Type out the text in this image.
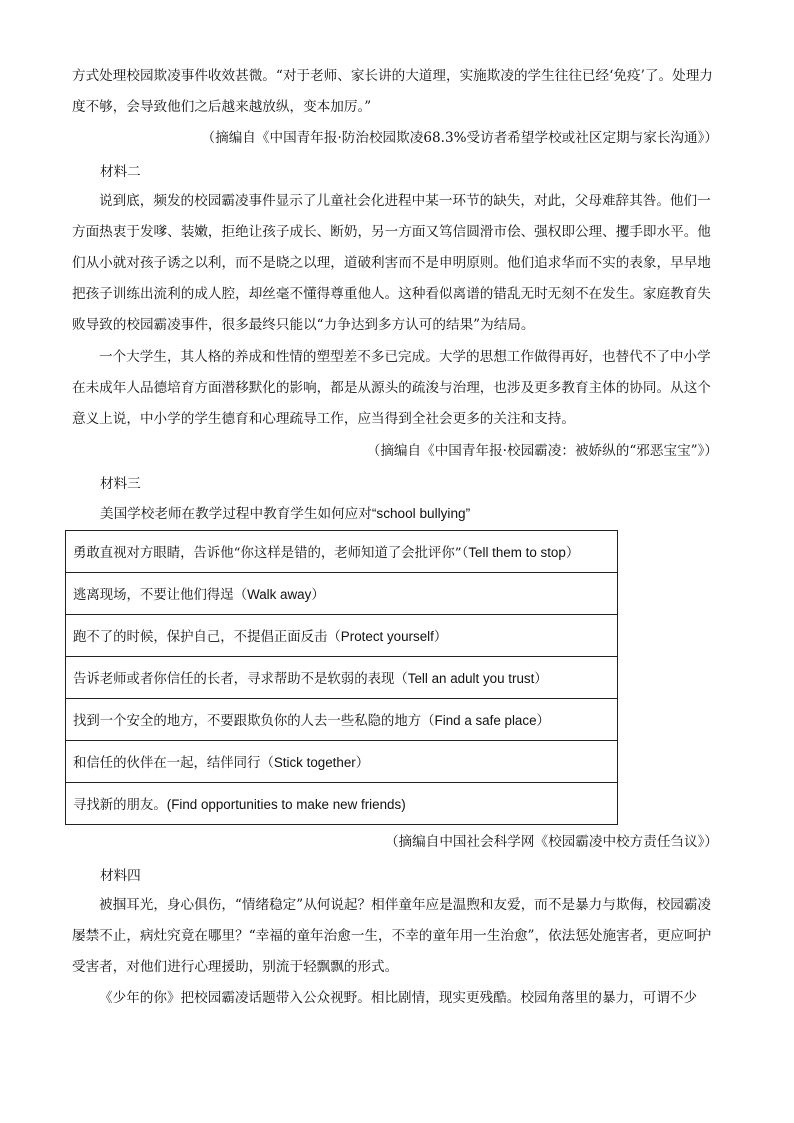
方式处理校园欺凌事件收效甚微。“对于老师、家长讲的大道理，实施欺凌的学生往往已经‘免疫’了。处理力度不够，会导致他们之后越来越放纵，变本加厉。”

（摘编自《中国青年报·防治校园欺凌68.3%受访者希望学校或社区定期与家长沟通》）
材料二

说到底，频发的校园霸凌事件显示了儿童社会化进程中某一环节的缺失，对此，父母难辞其咎。他们一方面热衷于发嗲、装嫩，拒绝让孩子成长、断奶，另一方面又笃信圆滑市侩、强权即公理、攫手即水平。他们从小就对孩子诱之以利，而不是晓之以理，道破利害而不是申明原则。他们追求华而不实的表象，早早地把孩子训练出流利的成人腔，却丝毫不懂得尊重他人。这种看似离谱的错乱无时无刻不在发生。家庭教育失败导致的校园霸凌事件，很多最终只能以“力争达到多方认可的结果”为结局。

一个大学生，其人格的养成和性情的塑型差不多已完成。大学的思想工作做得再好，也替代不了中小学在未成年人品德培育方面潜移默化的影响，都是从源头的疏浚与治理，也涉及更多教育主体的协同。从这个意义上说，中小学的学生德育和心理疏导工作，应当得到全社会更多的关注和支持。

（摘编自《中国青年报·校园霸凌：被娇纵的“邪恶宝宝”》）
材料三
美国学校老师在教学过程中教育学生如何应对“school bullying”
勇敢直视对方眼睛，告诉他“你这样是错的，老师知道了会批评你”（Tell them to stop）
逃离现场，不要让他们得逞（Walk away）
跑不了的时候，保护自己，不提倡正面反击（Protect yourself）
告诉老师或者你信任的长者，寻求帮助不是软弱的表现（Tell an adult you trust）
找到一个安全的地方，不要跟欺负你的人去一些私隐的地方（Find a safe place）
和信任的伙伴在一起，结伴同行（Stick together）
寻找新的朋友。(Find opportunities to make new friends)
（摘编自中国社会科学网《校园霸凌中校方责任刍议》）
材料四

被掴耳光，身心俱伤，“情绪稳定”从何说起？相伴童年应是温煦和友爱，而不是暴力与欺侮，校园霸凌屡禁不止，病灶究竟在哪里？“幸福的童年治愈一生，不幸的童年用一生治愈”，依法惩处施害者，更应呵护受害者，对他们进行心理援助，别流于轻飘飘的形式。

《少年的你》把校园霸凌话题带入公众视野。相比剧情，现实更残酷。校园角落里的暴力，可谓不少
